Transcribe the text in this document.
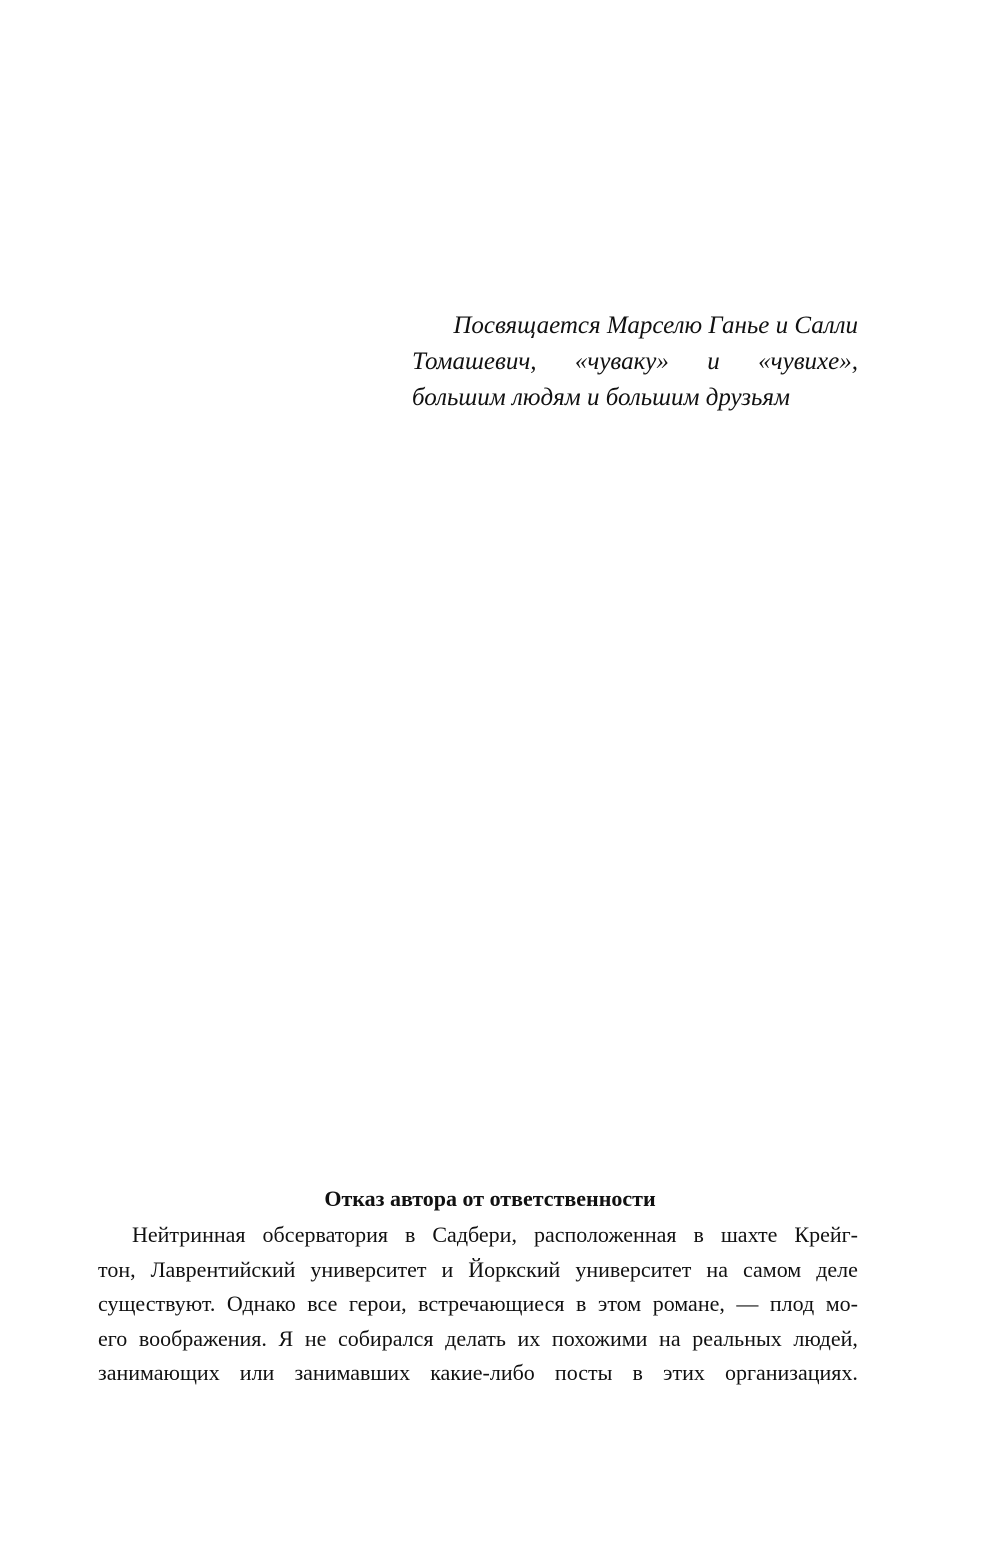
Посвящается Марселю Ганье и Салли
Томашевич, «чуваку» и «чувихе»,
большим людям и большим друзьям
Отказ автора от ответственности
Нейтринная обсерватория в Садбери, расположенная в шахте Крейг-
тон, Лаврентийский университет и Йоркский университет на самом деле
существуют. Однако все герои, встречающиеся в этом романе, — плод мо-
его воображения. Я не собирался делать их похожими на реальных людей,
занимающих или занимавших какие-либо посты в этих организациях.
